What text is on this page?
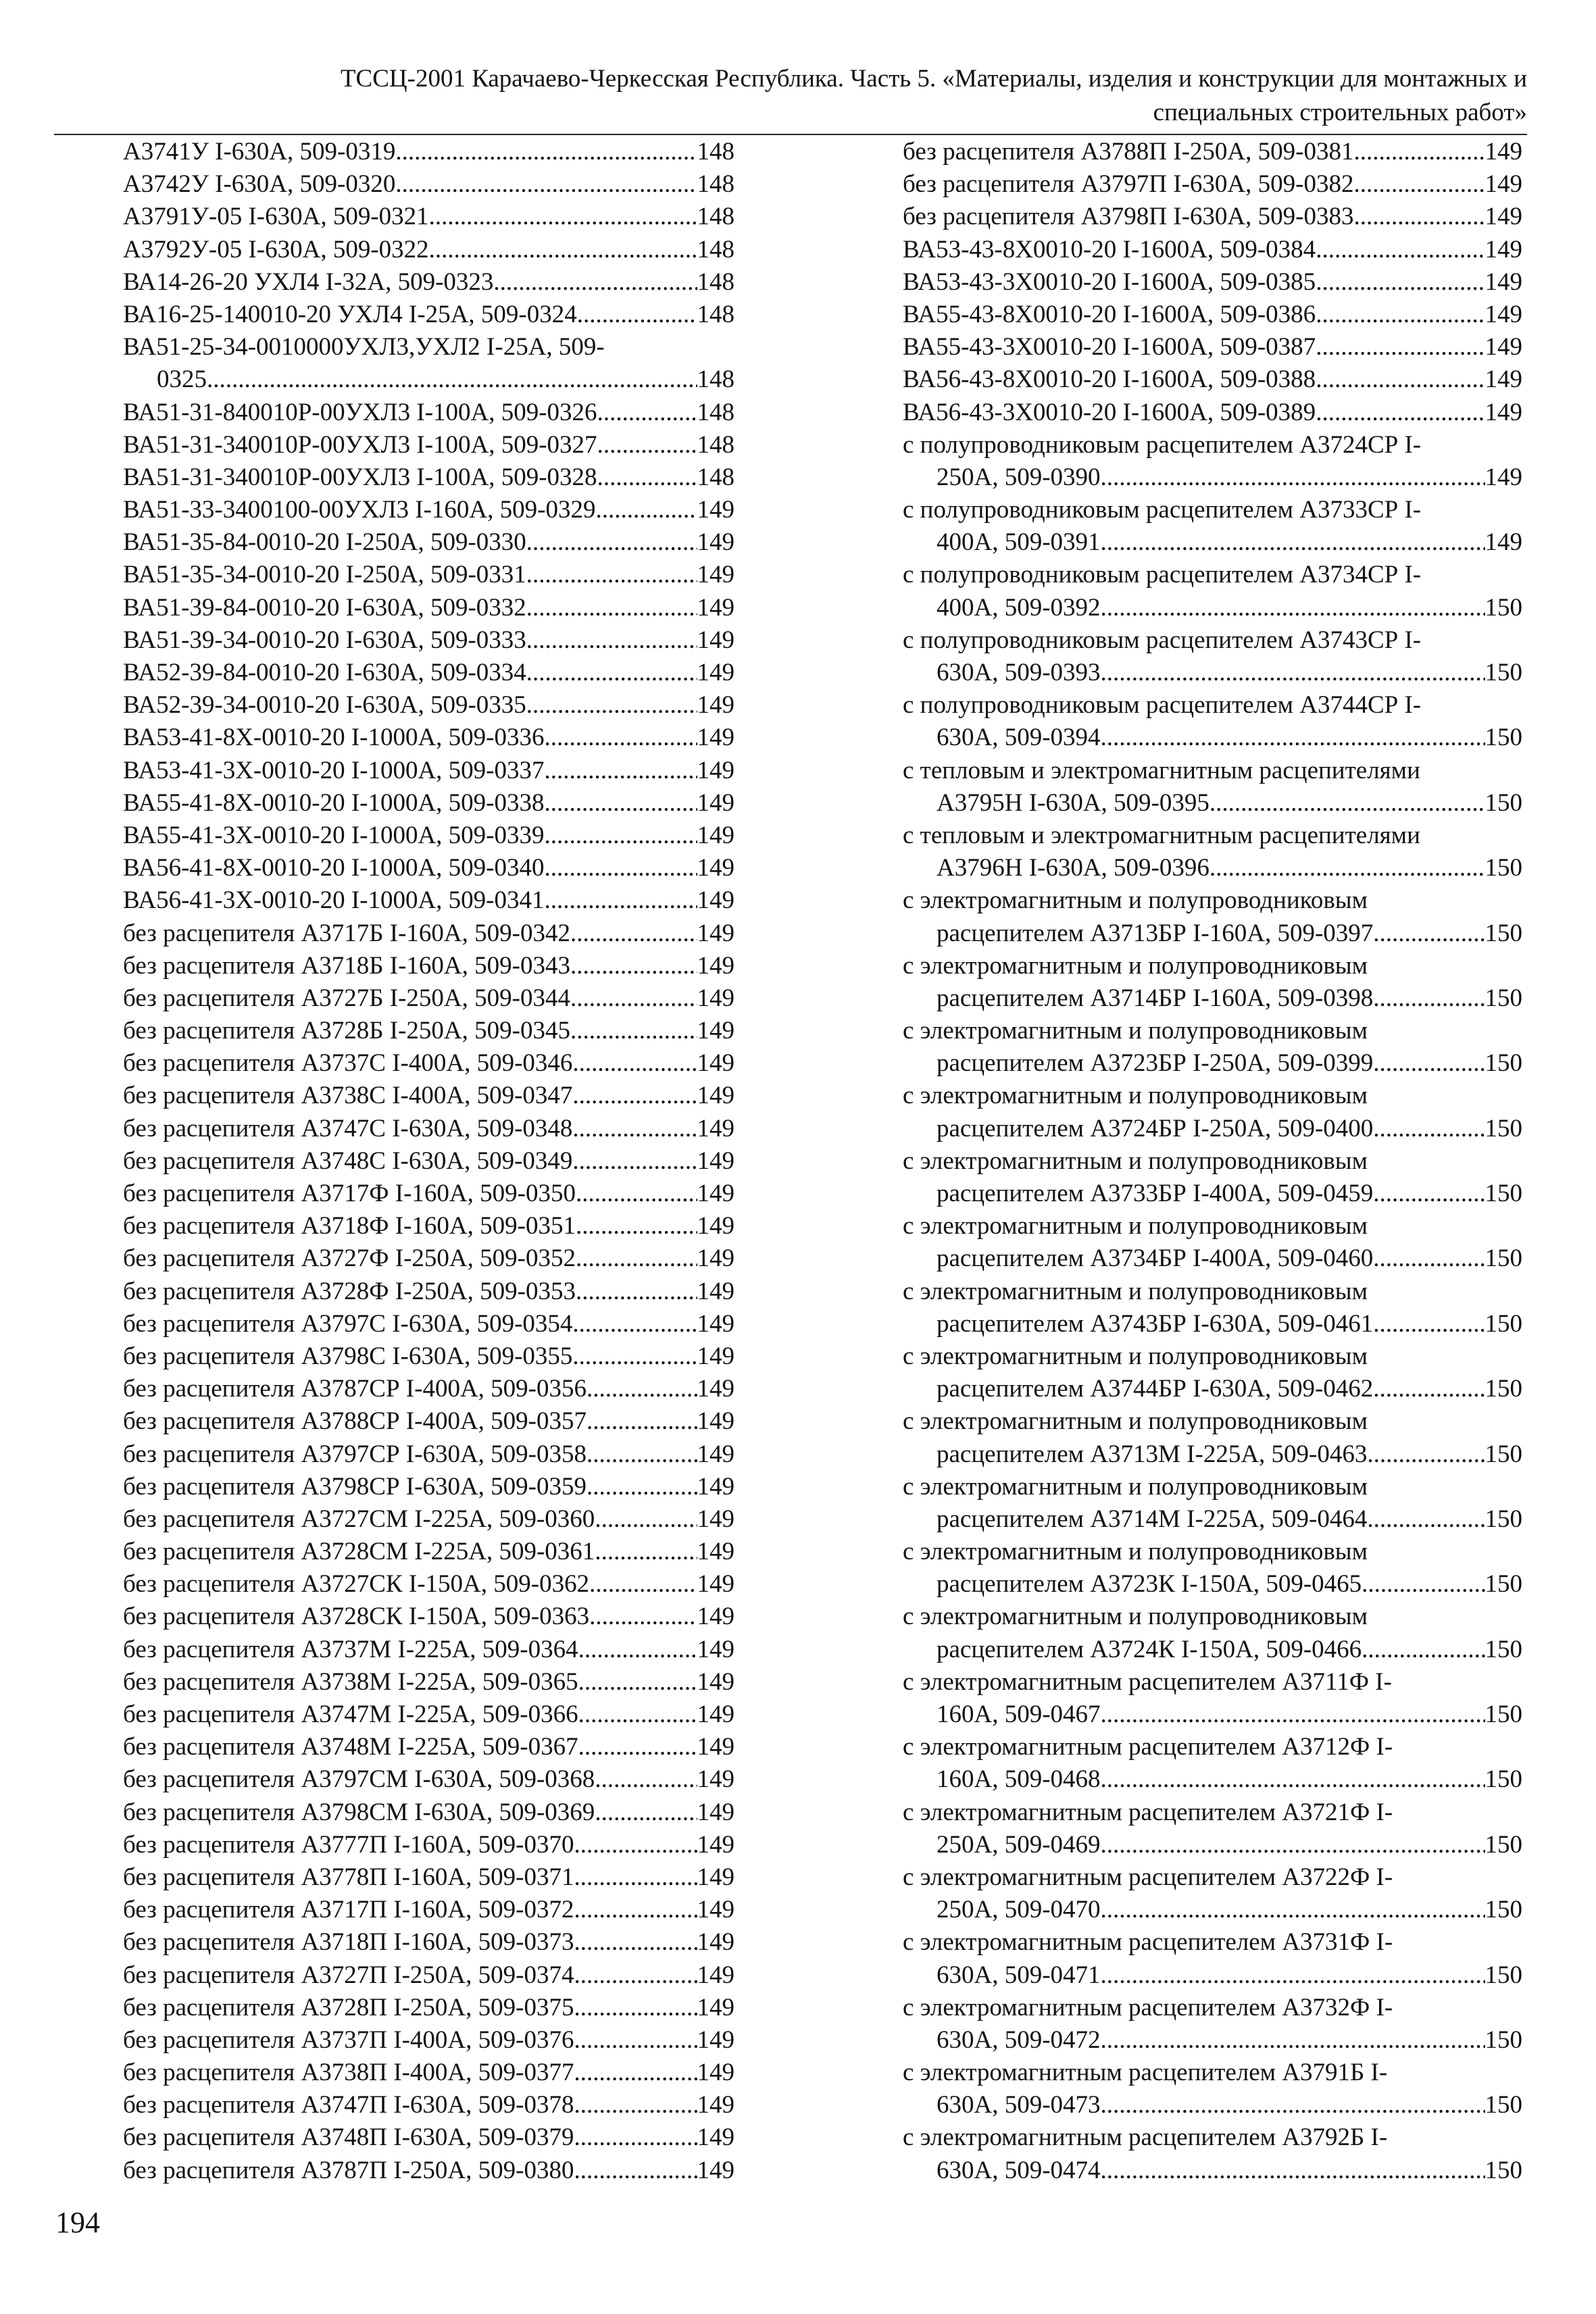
ТССЦ-2001 Карачаево-Черкесская Республика. Часть 5. «Материалы, изделия и конструкции для монтажных и
специальных строительных работ»
А3741У I-630А, 509-0319 .....	148
А3742У I-630А, 509-0320 .....	148
А3791У-05 I-630А, 509-0321 .....	148
А3792У-05 I-630А, 509-0322 .....	148
ВА14-26-20 УХЛ4 I-32А, 509-0323 .....	148
ВА16-25-140010-20 УХЛ4 I-25А, 509-0324 .....	148
ВА51-25-34-0010000УХЛ3,УХЛ2 I-25А, 509-
0325 .....	148
ВА51-31-840010Р-00УХЛ3 I-100А, 509-0326 .....	148
ВА51-31-340010Р-00УХЛ3 I-100А, 509-0327 .....	148
ВА51-31-340010Р-00УХЛ3 I-100А, 509-0328 .....	148
ВА51-33-3400100-00УХЛ3 I-160А, 509-0329 .....	149
ВА51-35-84-0010-20 I-250А, 509-0330 .....	149
ВА51-35-34-0010-20 I-250А, 509-0331 .....	149
ВА51-39-84-0010-20 I-630А, 509-0332 .....	149
ВА51-39-34-0010-20 I-630А, 509-0333 .....	149
ВА52-39-84-0010-20 I-630А, 509-0334 .....	149
ВА52-39-34-0010-20 I-630А, 509-0335 .....	149
ВА53-41-8Х-0010-20 I-1000А, 509-0336 .....	149
ВА53-41-3Х-0010-20 I-1000А, 509-0337 .....	149
ВА55-41-8Х-0010-20 I-1000А, 509-0338 .....	149
ВА55-41-3Х-0010-20 I-1000А, 509-0339 .....	149
ВА56-41-8Х-0010-20 I-1000А, 509-0340 .....	149
ВА56-41-3Х-0010-20 I-1000А, 509-0341 .....	149
без расцепителя А3717Б I-160А, 509-0342 .....	149
без расцепителя А3718Б I-160А, 509-0343 .....	149
без расцепителя А3727Б I-250А, 509-0344 .....	149
без расцепителя А3728Б I-250А, 509-0345 .....	149
без расцепителя А3737С I-400А, 509-0346 .....	149
без расцепителя А3738С I-400А, 509-0347 .....	149
без расцепителя А3747С I-630А, 509-0348 .....	149
без расцепителя А3748С I-630А, 509-0349 .....	149
без расцепителя А3717Ф I-160А, 509-0350 .....	149
без расцепителя А3718Ф I-160А, 509-0351 .....	149
без расцепителя А3727Ф I-250А, 509-0352 .....	149
без расцепителя А3728Ф I-250А, 509-0353 .....	149
без расцепителя А3797С I-630А, 509-0354 .....	149
без расцепителя А3798С I-630А, 509-0355 .....	149
без расцепителя А3787СР I-400А, 509-0356 .....	149
без расцепителя А3788СР I-400А, 509-0357 .....	149
без расцепителя А3797СР I-630А, 509-0358 .....	149
без расцепителя А3798СР I-630А, 509-0359 .....	149
без расцепителя А3727СМ I-225А, 509-0360 .....	149
без расцепителя А3728СМ I-225А, 509-0361 .....	149
без расцепителя А3727СК I-150А, 509-0362 .....	149
без расцепителя А3728СК I-150А, 509-0363 .....	149
без расцепителя А3737М I-225А, 509-0364 .....	149
без расцепителя А3738М I-225А, 509-0365 .....	149
без расцепителя А3747М I-225А, 509-0366 .....	149
без расцепителя А3748М I-225А, 509-0367 .....	149
без расцепителя А3797СМ I-630А, 509-0368 .....	149
без расцепителя А3798СМ I-630А, 509-0369 .....	149
без расцепителя А3777П I-160А, 509-0370 .....	149
без расцепителя А3778П I-160А, 509-0371 .....	149
без расцепителя А3717П I-160А, 509-0372 .....	149
без расцепителя А3718П I-160А, 509-0373 .....	149
без расцепителя А3727П I-250А, 509-0374 .....	149
без расцепителя А3728П I-250А, 509-0375 .....	149
без расцепителя А3737П I-400А, 509-0376 .....	149
без расцепителя А3738П I-400А, 509-0377 .....	149
без расцепителя А3747П I-630А, 509-0378 .....	149
без расцепителя А3748П I-630А, 509-0379 .....	149
без расцепителя А3787П I-250А, 509-0380 .....	149
без расцепителя А3788П I-250А, 509-0381 .....	149
без расцепителя А3797П I-630А, 509-0382 .....	149
без расцепителя А3798П I-630А, 509-0383 .....	149
ВА53-43-8Х0010-20 I-1600А, 509-0384 .....	149
ВА53-43-3Х0010-20 I-1600А, 509-0385 .....	149
ВА55-43-8Х0010-20 I-1600А, 509-0386 .....	149
ВА55-43-3Х0010-20 I-1600А, 509-0387 .....	149
ВА56-43-8Х0010-20 I-1600А, 509-0388 .....	149
ВА56-43-3Х0010-20 I-1600А, 509-0389 .....	149
с полупроводниковым расцепителем А3724СР I-
250А, 509-0390 .....	149
с полупроводниковым расцепителем А3733СР I-
400А, 509-0391 .....	149
с полупроводниковым расцепителем А3734СР I-
400А, 509-0392 .....	150
с полупроводниковым расцепителем А3743СР I-
630А, 509-0393 .....	150
с полупроводниковым расцепителем А3744СР I-
630А, 509-0394 .....	150
с тепловым и электромагнитным расцепителями
А3795Н I-630А, 509-0395 .....	150
с тепловым и электромагнитным расцепителями
А3796Н I-630А, 509-0396 .....	150
с электромагнитным и полупроводниковым
расцепителем А3713БР I-160А, 509-0397 .....	150
с электромагнитным и полупроводниковым
расцепителем А3714БР I-160А, 509-0398 .....	150
с электромагнитным и полупроводниковым
расцепителем А3723БР I-250А, 509-0399 .....	150
с электромагнитным и полупроводниковым
расцепителем А3724БР I-250А, 509-0400 .....	150
с электромагнитным и полупроводниковым
расцепителем А3733БР I-400А, 509-0459 .....	150
с электромагнитным и полупроводниковым
расцепителем А3734БР I-400А, 509-0460 .....	150
с электромагнитным и полупроводниковым
расцепителем А3743БР I-630А, 509-0461 .....	150
с электромагнитным и полупроводниковым
расцепителем А3744БР I-630А, 509-0462 .....	150
с электромагнитным и полупроводниковым
расцепителем А3713М I-225А, 509-0463 .....	150
с электромагнитным и полупроводниковым
расцепителем А3714М I-225А, 509-0464 .....	150
с электромагнитным и полупроводниковым
расцепителем А3723К I-150А, 509-0465 .....	150
с электромагнитным и полупроводниковым
расцепителем А3724К I-150А, 509-0466 .....	150
с электромагнитным расцепителем А3711Ф I-
160А, 509-0467 .....	150
с электромагнитным расцепителем А3712Ф I-
160А, 509-0468 .....	150
с электромагнитным расцепителем А3721Ф I-
250А, 509-0469 .....	150
с электромагнитным расцепителем А3722Ф I-
250А, 509-0470 .....	150
с электромагнитным расцепителем А3731Ф I-
630А, 509-0471 .....	150
с электромагнитным расцепителем А3732Ф I-
630А, 509-0472 .....	150
с электромагнитным расцепителем А3791Б I-
630А, 509-0473 .....	150
с электромагнитным расцепителем А3792Б I-
630А, 509-0474 .....	150
194
